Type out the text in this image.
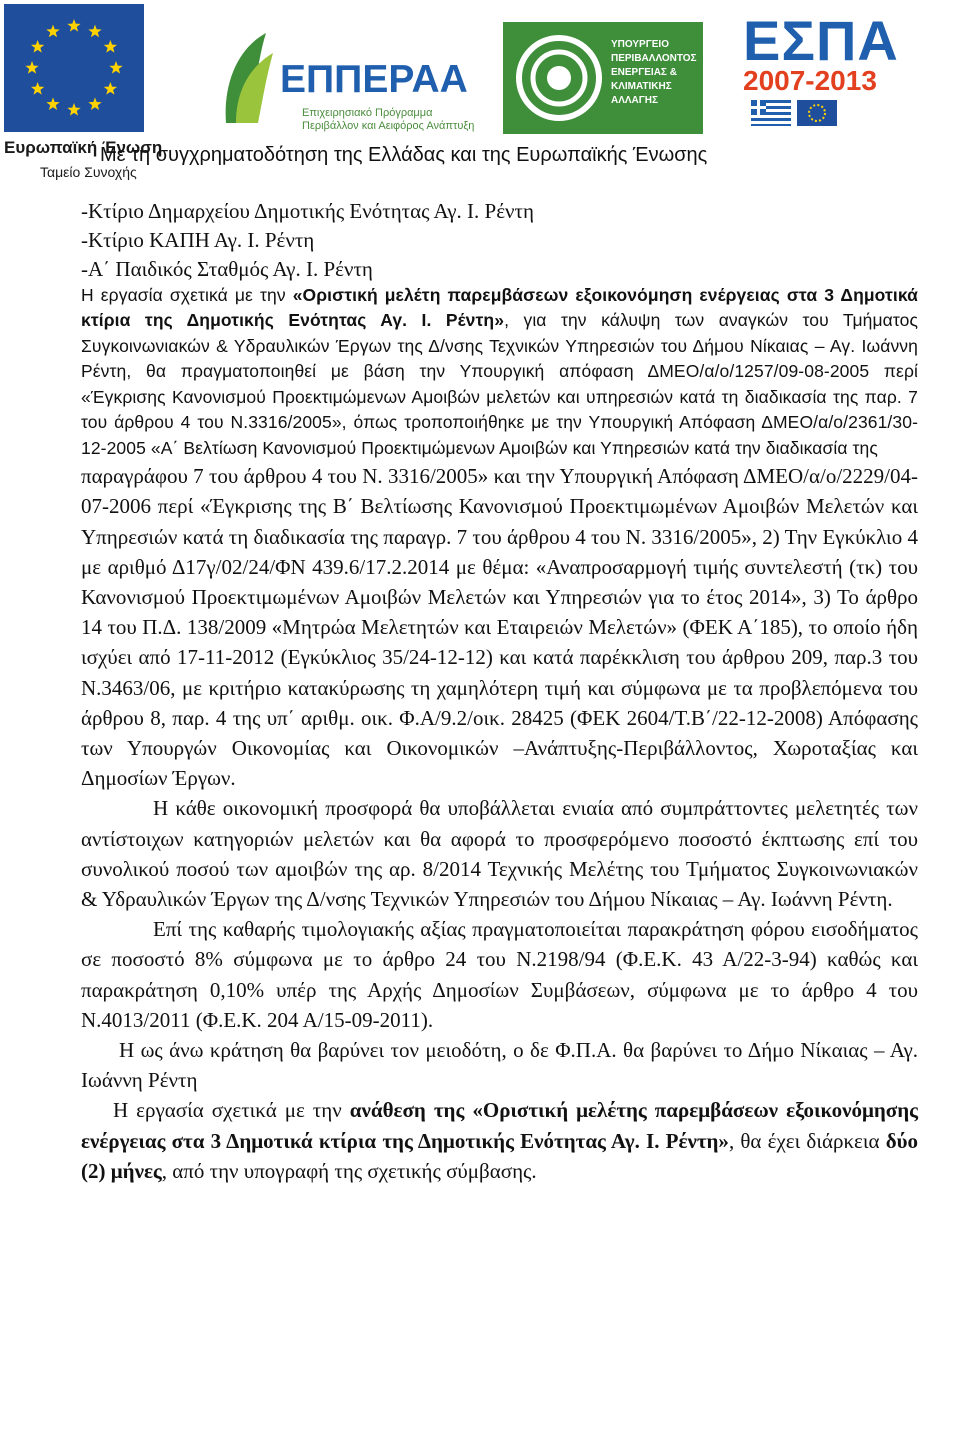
Ευρωπαϊκή Ένωση
Ταμείο Συνοχής
ΕΠΠΕΡΑΑ
Επιχειρησιακό Πρόγραμμα
Περιβάλλον και Αειφόρος Ανάπτυξη
ΥΠΟΥΡΓΕΙΟ
ΠΕΡΙΒΑΛΛΟΝΤΟΣ
ΕΝΕΡΓΕΙΑΣ &
ΚΛΙΜΑΤΙΚΗΣ
ΑΛΛΑΓΗΣ
ΕΣΠΑ
2007-2013
Με τη συγχρηματοδότηση της Ελλάδας και της Ευρωπαϊκής Ένωσης

-Κτίριο Δημαρχείου Δημοτικής Ενότητας Αγ. Ι. Ρέντη

-Κτίριο ΚΑΠΗ Αγ. Ι. Ρέντη

-Α΄ Παιδικός Σταθμός Αγ. Ι. Ρέντη

Η εργασία σχετικά με την «Οριστική μελέτη παρεμβάσεων εξοικονόμηση ενέργειας στα 3 Δημοτικά κτίρια της Δημοτικής Ενότητας Αγ. Ι. Ρέντη», για την κάλυψη των αναγκών του Τμήματος Συγκοινωνιακών & Υδραυλικών Έργων της Δ/νσης Τεχνικών Υπηρεσιών του Δήμου Νίκαιας – Αγ. Ιωάννη Ρέντη, θα πραγματοποιηθεί με βάση την Υπουργική απόφαση ΔΜΕΟ/α/ο/1257/09-08-2005 περί «Έγκρισης Κανονισμού Προεκτιμώμενων Αμοιβών μελετών και υπηρεσιών κατά τη διαδικασία της παρ. 7 του άρθρου 4 του Ν.3316/2005», όπως τροποποιήθηκε με την Υπουργική Απόφαση ΔΜΕΟ/α/ο/2361/30-12-2005 «Α΄ Βελτίωση Κανονισμού Προεκτιμώμενων Αμοιβών και Υπηρεσιών κατά την διαδικασία της

παραγράφου 7 του άρθρου 4 του Ν. 3316/2005» και την Υπουργική Απόφαση ΔΜΕΟ/α/ο/2229/04-07-2006 περί «Έγκρισης της Β΄ Βελτίωσης Κανονισμού Προεκτιμωμένων Αμοιβών Μελετών και Υπηρεσιών κατά τη διαδικασία της παραγρ. 7 του άρθρου 4 του Ν. 3316/2005», 2) Την Εγκύκλιο 4 με αριθμό Δ17γ/02/24/ΦΝ 439.6/17.2.2014 με θέμα: «Αναπροσαρμογή τιμής συντελεστή (τκ) του Κανονισμού Προεκτιμωμένων Αμοιβών Μελετών και Υπηρεσιών για το έτος 2014», 3) Το άρθρο 14 του Π.Δ. 138/2009 «Μητρώα Μελετητών και Εταιρειών Μελετών» (ΦΕΚ Α΄185), το οποίο ήδη ισχύει από 17-11-2012 (Εγκύκλιος 35/24-12-12) και κατά παρέκκλιση του άρθρου 209, παρ.3 του Ν.3463/06, με κριτήριο κατακύρωσης τη χαμηλότερη τιμή και σύμφωνα με τα προβλεπόμενα του άρθρου 8, παρ. 4 της υπ΄ αριθμ. οικ. Φ.Α/9.2/οικ. 28425 (ΦΕΚ 2604/Τ.Β΄/22-12-2008) Απόφασης των Υπουργών Οικονομίας και Οικονομικών –Ανάπτυξης-Περιβάλλοντος, Χωροταξίας και Δημοσίων Έργων.

Η κάθε οικονομική προσφορά θα υποβάλλεται ενιαία από συμπράττοντες μελετητές των αντίστοιχων κατηγοριών μελετών και θα αφορά το προσφερόμενο ποσοστό έκπτωσης επί του συνολικού ποσού των αμοιβών της αρ. 8/2014 Τεχνικής Μελέτης του Τμήματος Συγκοινωνιακών & Υδραυλικών Έργων της Δ/νσης Τεχνικών Υπηρεσιών του Δήμου Νίκαιας – Αγ. Ιωάννη Ρέντη.

Επί της καθαρής τιμολογιακής αξίας πραγματοποιείται παρακράτηση φόρου εισοδήματος σε ποσοστό 8% σύμφωνα με το άρθρο 24 του Ν.2198/94 (Φ.Ε.Κ. 43 Α/22-3-94) καθώς και παρακράτηση 0,10% υπέρ της Αρχής Δημοσίων Συμβάσεων, σύμφωνα με το άρθρο 4 του Ν.4013/2011 (Φ.Ε.Κ. 204 Α/15-09-2011).

Η ως άνω κράτηση θα βαρύνει τον μειοδότη, ο δε Φ.Π.Α. θα βαρύνει το Δήμο Νίκαιας – Αγ. Ιωάννη Ρέντη

Η εργασία σχετικά με την ανάθεση της «Οριστική μελέτης παρεμβάσεων εξοικονόμησης ενέργειας στα 3 Δημοτικά κτίρια της Δημοτικής Ενότητας Αγ. Ι. Ρέντη», θα έχει διάρκεια δύο (2) μήνες, από την υπογραφή της σχετικής σύμβασης.
